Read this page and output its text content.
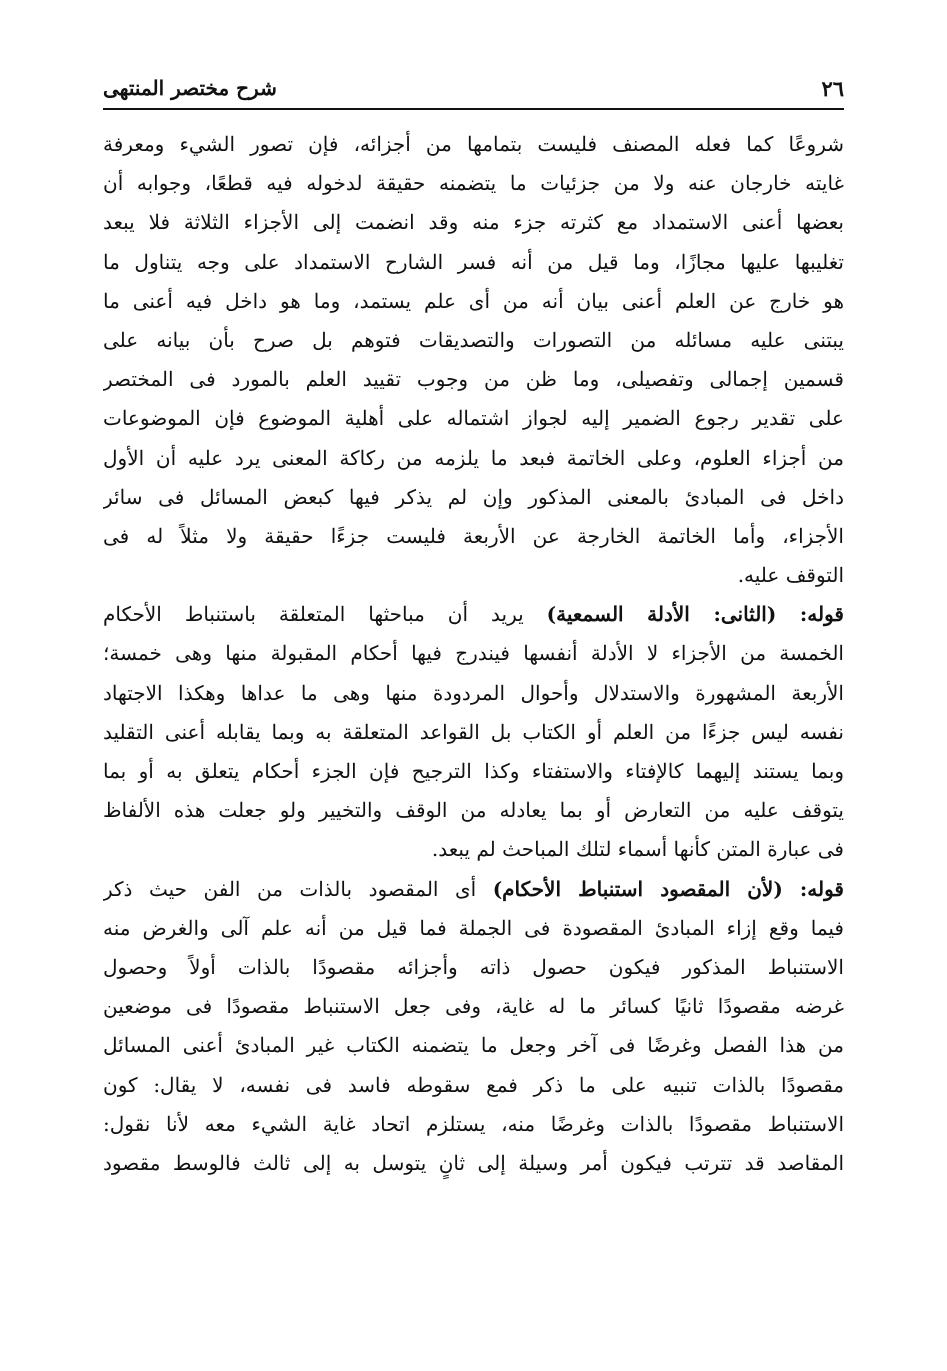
٢٦
شرح مختصر المنتهى
شروعًا كما فعله المصنف فليست بتمامها من أجزائه، فإن تصور الشيء ومعرفة
غايته خارجان عنه ولا من جزئيات ما يتضمنه حقيقة لدخوله فيه قطعًا، وجوابه أن
بعضها أعنى الاستمداد مع كثرته جزء منه وقد انضمت إلى الأجزاء الثلاثة فلا يبعد
تغليبها عليها مجازًا، وما قيل من أنه فسر الشارح الاستمداد على وجه يتناول ما
هو خارج عن العلم أعنى بيان أنه من أى علم يستمد، وما هو داخل فيه أعنى ما
يبتنى عليه مسائله من التصورات والتصديقات فتوهم بل صرح بأن بيانه على
قسمين إجمالى وتفصيلى، وما ظن من وجوب تقييد العلم بالمورد فى المختصر
على تقدير رجوع الضمير إليه لجواز اشتماله على أهلية الموضوع فإن الموضوعات
من أجزاء العلوم، وعلى الخاتمة فبعد ما يلزمه من ركاكة المعنى يرد عليه أن الأول
داخل فى المبادئ بالمعنى المذكور وإن لم يذكر فيها كبعض المسائل فى سائر
الأجزاء، وأما الخاتمة الخارجة عن الأربعة فليست جزءًا حقيقة ولا مثلاً له فى
التوقف عليه.
قوله: (الثانى: الأدلة السمعية) يريد أن مباحثها المتعلقة باستنباط الأحكام
الخمسة من الأجزاء لا الأدلة أنفسها فيندرج فيها أحكام المقبولة منها وهى خمسة؛
الأربعة المشهورة والاستدلال وأحوال المردودة منها وهى ما عداها وهكذا الاجتهاد
نفسه ليس جزءًا من العلم أو الكتاب بل القواعد المتعلقة به وبما يقابله أعنى التقليد
وبما يستند إليهما كالإفتاء والاستفتاء وكذا الترجيح فإن الجزء أحكام يتعلق به أو بما
يتوقف عليه من التعارض أو بما يعادله من الوقف والتخيير ولو جعلت هذه الألفاظ
فى عبارة المتن كأنها أسماء لتلك المباحث لم يبعد.
قوله: (لأن المقصود استنباط الأحكام) أى المقصود بالذات من الفن حيث ذكر
فيما وقع إزاء المبادئ المقصودة فى الجملة فما قيل من أنه علم آلى والغرض منه
الاستنباط المذكور فيكون حصول ذاته وأجزائه مقصودًا بالذات أولاً وحصول
غرضه مقصودًا ثانيًا كسائر ما له غاية، وفى جعل الاستنباط مقصودًا فى موضعين
من هذا الفصل وغرضًا فى آخر وجعل ما يتضمنه الكتاب غير المبادئ أعنى المسائل
مقصودًا بالذات تنبيه على ما ذكر فمع سقوطه فاسد فى نفسه، لا يقال: كون
الاستنباط مقصودًا بالذات وغرضًا منه، يستلزم اتحاد غاية الشيء معه لأنا نقول:
المقاصد قد تترتب فيكون أمر وسيلة إلى ثانٍ يتوسل به إلى ثالث فالوسط مقصود
